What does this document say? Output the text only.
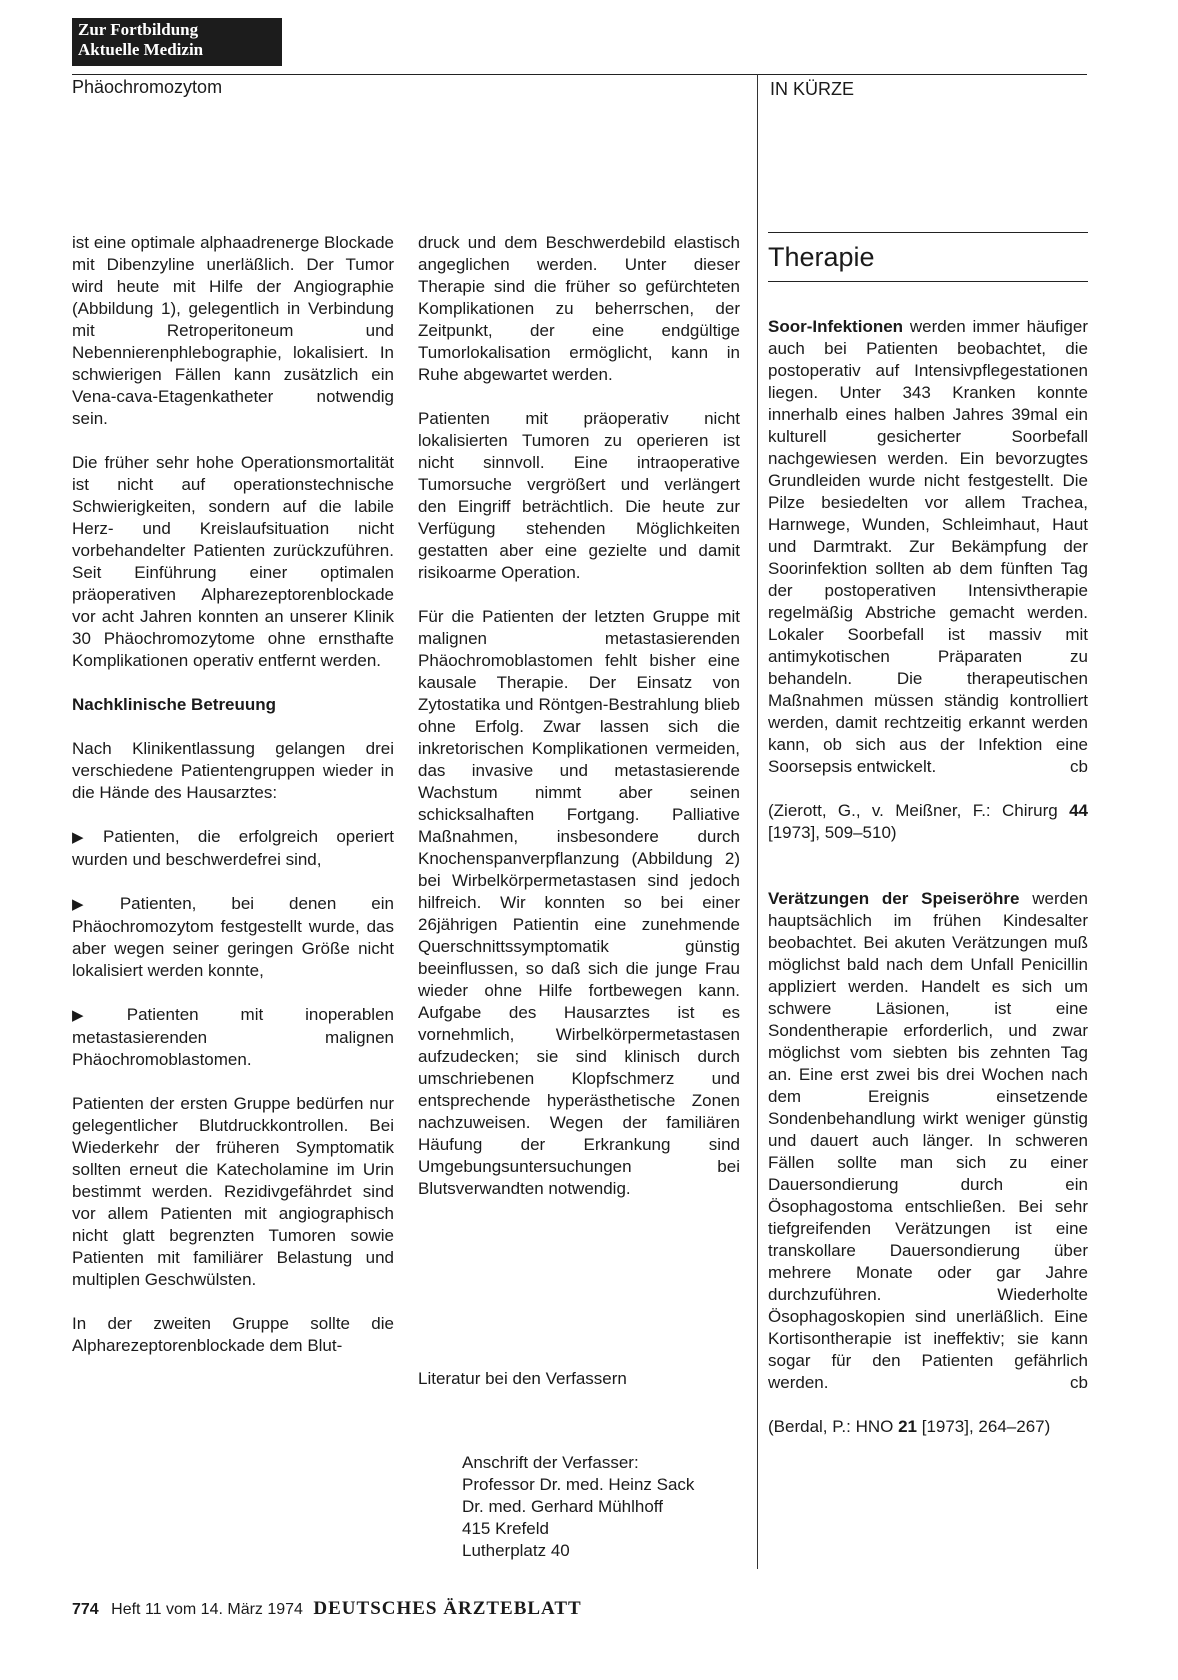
Zur Fortbildung
Aktuelle Medizin
Phäochromozytom	IN KÜRZE

ist eine optimale alphaadrenerge Blockade mit Dibenzyline unerläßlich. Der Tumor wird heute mit Hilfe der Angiographie (Abbildung 1), gelegentlich in Verbindung mit Retroperitoneum und Nebennierenphlebographie, lokalisiert. In schwierigen Fällen kann zusätzlich ein Vena-cava-Etagenkatheter notwendig sein.

Die früher sehr hohe Operationsmortalität ist nicht auf operationstechnische Schwierigkeiten, sondern auf die labile Herz- und Kreislaufsituation nicht vorbehandelter Patienten zurückzuführen. Seit Einführung einer optimalen präoperativen Alpharezeptorenblockade vor acht Jahren konnten an unserer Klinik 30 Phäochromozytome ohne ernsthafte Komplikationen operativ entfernt werden.

Nachklinische Betreuung

Nach Klinikentlassung gelangen drei verschiedene Patientengruppen wieder in die Hände des Hausarztes:

▶ Patienten, die erfolgreich operiert wurden und beschwerdefrei sind,

▶ Patienten, bei denen ein Phäochromozytom festgestellt wurde, das aber wegen seiner geringen Größe nicht lokalisiert werden konnte,

▶ Patienten mit inoperablen metastasierenden malignen Phäochromoblastomen.

Patienten der ersten Gruppe bedürfen nur gelegentlicher Blutdruckkontrollen. Bei Wiederkehr der früheren Symptomatik sollten erneut die Katecholamine im Urin bestimmt werden. Rezidivgefährdet sind vor allem Patienten mit angiographisch nicht glatt begrenzten Tumoren sowie Patienten mit familiärer Belastung und multiplen Geschwülsten.

In der zweiten Gruppe sollte die Alpharezeptorenblockade dem Blut-

druck und dem Beschwerdebild elastisch angeglichen werden. Unter dieser Therapie sind die früher so gefürchteten Komplikationen zu beherrschen, der Zeitpunkt, der eine endgültige Tumorlokalisation ermöglicht, kann in Ruhe abgewartet werden.

Patienten mit präoperativ nicht lokalisierten Tumoren zu operieren ist nicht sinnvoll. Eine intraoperative Tumorsuche vergrößert und verlängert den Eingriff beträchtlich. Die heute zur Verfügung stehenden Möglichkeiten gestatten aber eine gezielte und damit risikoarme Operation.

Für die Patienten der letzten Gruppe mit malignen metastasierenden Phäochromoblastomen fehlt bisher eine kausale Therapie. Der Einsatz von Zytostatika und Röntgen-Bestrahlung blieb ohne Erfolg. Zwar lassen sich die inkretorischen Komplikationen vermeiden, das invasive und metastasierende Wachstum nimmt aber seinen schicksalhaften Fortgang. Palliative Maßnahmen, insbesondere durch Knochenspanverpflanzung (Abbildung 2) bei Wirbelkörpermetastasen sind jedoch hilfreich. Wir konnten so bei einer 26jährigen Patientin eine zunehmende Querschnittssymptomatik günstig beeinflussen, so daß sich die junge Frau wieder ohne Hilfe fortbewegen kann. Aufgabe des Hausarztes ist es vornehmlich, Wirbelkörpermetastasen aufzudecken; sie sind klinisch durch umschriebenen Klopfschmerz und entsprechende hyperästhetische Zonen nachzuweisen. Wegen der familiären Häufung der Erkrankung sind Umgebungsuntersuchungen bei Blutsverwandten notwendig.

Literatur bei den Verfassern
Anschrift der Verfasser:
Professor Dr. med. Heinz Sack
Dr. med. Gerhard Mühlhoff
415 Krefeld
Lutherplatz 40
Therapie

Soor-Infektionen werden immer häufiger auch bei Patienten beobachtet, die postoperativ auf Intensivpflegestationen liegen. Unter 343 Kranken konnte innerhalb eines halben Jahres 39mal ein kulturell gesicherter Soorbefall nachgewiesen werden. Ein bevorzugtes Grundleiden wurde nicht festgestellt. Die Pilze besiedelten vor allem Trachea, Harnwege, Wunden, Schleimhaut, Haut und Darmtrakt. Zur Bekämpfung der Soorinfektion sollten ab dem fünften Tag der postoperativen Intensivtherapie regelmäßig Abstriche gemacht werden. Lokaler Soorbefall ist massiv mit antimykotischen Präparaten zu behandeln. Die therapeutischen Maßnahmen müssen ständig kontrolliert werden, damit rechtzeitig erkannt werden kann, ob sich aus der Infektion eine Soorsepsis entwickelt.	cb

(Zierott, G., v. Meißner, F.: Chirurg 44 [1973], 509–510)

Verätzungen der Speiseröhre werden hauptsächlich im frühen Kindesalter beobachtet. Bei akuten Verätzungen muß möglichst bald nach dem Unfall Penicillin appliziert werden. Handelt es sich um schwere Läsionen, ist eine Sondentherapie erforderlich, und zwar möglichst vom siebten bis zehnten Tag an. Eine erst zwei bis drei Wochen nach dem Ereignis einsetzende Sondenbehandlung wirkt weniger günstig und dauert auch länger. In schweren Fällen sollte man sich zu einer Dauersondierung durch ein Ösophagostoma entschließen. Bei sehr tiefgreifenden Verätzungen ist eine transkollare Dauersondierung über mehrere Monate oder gar Jahre durchzuführen. Wiederholte Ösophagoskopien sind unerläßlich. Eine Kortisontherapie ist ineffektiv; sie kann sogar für den Patienten gefährlich werden.	cb

(Berdal, P.: HNO 21 [1973], 264–267)

774 Heft 11 vom 14. März 1974 DEUTSCHES ÄRZTEBLATT
